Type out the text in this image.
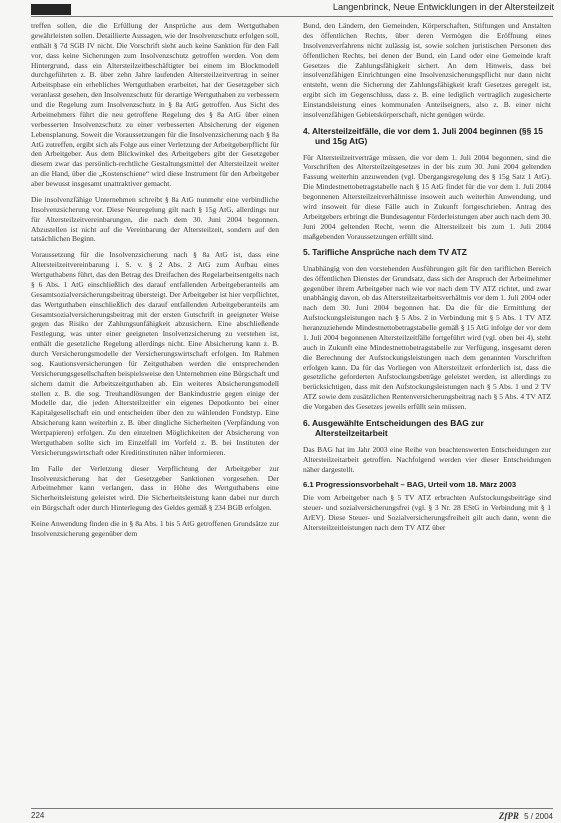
Langenbrinck, Neue Entwicklungen in der Altersteilzeit

treffen sollen, die die Erfüllung der Ansprüche aus dem Wertguthaben gewährleisten sollen. Detaillierte Aussagen, wie der Insolvenzschutz erfolgen soll, enthält § 7d SGB IV nicht. Die Vorschrift sieht auch keine Sanktion für den Fall vor, dass keine Sicherungen zum Insolvenzschutz getroffen werden. Von dem Hintergrund, dass ein Altersteilzeitbeschäftigter bei einem im Blockmodell durchgeführten z. B. über zehn Jahre laufenden Altersteilzeitvertrag in seiner Arbeitsphase ein erhebliches Wertguthaben erarbeitet, hat der Gesetzgeber sich veranlasst gesehen, den Insolvenzschutz für derartige Wertguthaben zu verbessern und die Regelung zum Insolvenzschutz in § 8a AtG getroffen. Aus Sicht des Arbeitnehmers führt die neu getroffene Regelung des § 8a AtG über einen verbesserten Insolvenzschutz zu einer verbesserten Absicherung der eigenen Lebensplanung. Soweit die Voraussetzungen für die Insolvenzsicherung nach § 8a AtG zutreffen, ergibt sich als Folge aus einer Verletzung der Arbeitgeberpflicht für den Arbeitgeber. Aus dem Blickwinkel des Arbeitgebers gibt der Gesetzgeber diesem zwar das persönlich-rechtliche Gestaltungsmittel der Altersteilzeit weiter an die Hand, über die „Kostenschiene“ wird diese Instrument für den Arbeitgeber aber bewusst insgesamt unattraktiver gemacht.

Die insolvenzfähige Unternehmen schreibt § 8a AtG nunmehr eine verbindliche Insolvenzsicherung vor. Diese Neuregelung gilt nach § 15g AtG, allerdings nur für Altersteilzeitvereinbarungen, die nach dem 30. Juni 2004 begonnen. Abzustellen ist nicht auf die Vereinbarung der Altersteilzeit, sondern auf den tatsächlichen Beginn.

Voraussetzung für die Insolvenzsicherung nach § 8a AtG ist, dass eine Altersteilzeitvereinbarung i. S. v. § 2 Abs. 2 AtG zum Aufbau eines Wertguthabens führt, das den Betrag des Dreifachen des Regelarbeitsentgelts nach § 6 Abs. 1 AtG einschließlich des darauf entfallenden Arbeitgeberanteils am Gesamtsozialversicherungsbeitrag übersteigt. Der Arbeitgeber ist hier verpflichtet, das Wertguthaben einschließlich des darauf entfallenden Arbeitgeberanteils am Gesamtsozialversicherungsbeitrag mit der ersten Gutschrift in geeigneter Weise gegen das Risiko der Zahlungsunfähigkeit abzusichern. Eine abschließende Festlegung, was unter einer geeigneten Insolvenzsicherung zu verstehen ist, enthält die gesetzliche Regelung allerdings nicht. Eine Absicherung kann z. B. durch Versicherungsmodelle der Versicherungswirtschaft erfolgen. Im Rahmen sog. Kautionsversicherungen für Zeitguthaben werden die entsprechenden Versicherungsgesellschaften beispielsweise den Unternehmen eine Bürgschaft und sichern damit die Arbeitszeitguthaben ab. Ein weiteres Absicherungsmodell stellen z. B. die sog. Treuhandlösungen der Bankindustrie gegen einige der Modelle dar, die jeden Altersteilzeitler ein eigenes Depotkonto bei einer Kapitalgesellschaft ein und entscheiden über den zu wählenden Fondstyp. Eine Absicherung kann weiterhin z. B. über dingliche Sicherheiten (Verpfändung von Wertpapieren) erfolgen. Zu den einzelnen Möglichkeiten der Absicherung von Wertguthaben sollte sich im Einzelfall im Vorfeld z. B. bei Instituten der Versicherungswirtschaft oder Kreditinstituten näher informieren.

Im Falle der Verletzung dieser Verpflichtung der Arbeitgeber zur Insolvenzsicherung hat der Gesetzgeber Sanktionen vorgesehen. Der Arbeitnehmer kann verlangen, dass in Höhe des Wertguthabens eine Sicherheitsleistung geleistet wird. Die Sicherheitsleistung kann dabei nur durch ein Bürgschaft oder durch Hinterlegung des Geldes gemäß § 234 BGB erfolgen.

Keine Anwendung finden die in § 8a Abs. 1 bis 5 AtG getroffenen Grundsätze zur Insolvenzsicherung gegenüber dem

Bund, den Ländern, den Gemeinden, Körperschaften, Stiftungen und Anstalten des öffentlichen Rechts, über deren Vermögen die Eröffnung eines Insolvenzverfahrens nicht zulässig ist, sowie solchen juristischen Personen des öffentlichen Rechts, bei denen der Bund, ein Land oder eine Gemeinde kraft Gesetzes die Zahlungsfähigkeit sichert. An dem Hinweis, dass bei insolvenzfähigen Einrichtungen eine Insolvenzsicherungspflicht nur dann nicht entsteht, wenn die Sicherung der Zahlungsfähigkeit kraft Gesetzes geregelt ist, ergibt sich im Gegenschluss, dass z. B. eine lediglich vertraglich zugesicherte Einstandsleistung eines kommunalen Anteilseigners, also z. B. einer nicht insolvenzfähigen Gebietskörperschaft, nicht genügen würde.

4. Altersteilzeitfälle, die vor dem 1. Juli 2004 beginnen (§§ 15 und 15g AtG)

Für Altersteilzeitverträge müssen, die vor dem 1. Juli 2004 begonnen, sind die Vorschriften des Altersteilzeitgesetzes in der bis zum 30. Juni 2004 geltenden Fassung weiterhin anzuwenden (vgl. Übergangsregelung des § 15g Satz 1 AtG). Die Mindestnettobetragstabelle nach § 15 AtG findet für die vor dem 1. Juli 2004 begonnenen Altersteilzeitverhältnisse insoweit auch weiterhin Anwendung, und wird insoweit für diese Fälle auch in Zukunft fortgeschrieben. Antrag des Arbeitgebers erbringt die Bundesagentur Förderleistungen aber auch nach dem 30. Juni 2004 geltenden Recht, wenn die Altersteilzeit bis zum 1. Juli 2004 maßgebenden Voraussetzungen erfüllt sind.

5. Tarifliche Ansprüche nach dem TV ATZ

Unabhängig von den vorstehenden Ausführungen gilt für den tariflichen Bereich des öffentlichen Dienstes der Grundsatz, dass sich der Anspruch der Arbeitnehmer gegenüber ihrem Arbeitgeber nach wie vor nach dem TV ATZ richtet, und zwar unabhängig davon, ob das Altersteilzeitarbeitsverhältnis vor dem 1. Juli 2004 oder nach dem 30. Juni 2004 begonnen hat. Da die für die Ermittlung der Aufstockungsleistungen nach § 5 Abs. 2 in Verbindung mit § 5 Abs. 1 TV ATZ heranzuziehende Mindestnettobetragstabelle gemäß § 15 AtG infolge der vor dem 1. Juli 2004 begonnenen Altersteilzeitfälle fortgeführt wird (vgl. oben bei 4), steht auch in Zukunft eine Mindestnettobetragstabelle zur Verfügung, insgesamt deren die Berechnung der Aufstockungsleistungen nach dem genannten Vorschriften erfolgen kann. Da für das Vorliegen von Altersteilzeit erforderlich ist, dass die gesetzliche geforderten Aufstockungsbeträge geleistet werden, ist allerdings zu berücksichtigen, dass mit den Aufstockungsleistungen nach § 5 Abs. 1 und 2 TV ATZ sowie dem zusätzlichen Rentenversicherungsbeitrag nach § 5 Abs. 4 TV ATZ die Vorgaben des Gesetzes jeweils erfüllt sein müssen.

6. Ausgewählte Entscheidungen des BAG zur Altersteilzeitarbeit

Das BAG hat im Jahr 2003 eine Reihe von beachtenswerten Entscheidungen zur Altersteilzeitarbeit getroffen. Nachfolgend werden vier dieser Entscheidungen näher dargestellt.

6.1 Progressionsvorbehalt – BAG, Urteil vom 18. März 2003

Die vom Arbeitgeber nach § 5 TV ATZ erbrachten Aufstockungsbeiträge sind steuer- und sozialversicherungsfrei (vgl. § 3 Nr. 28 EStG in Verbindung mit § 1 ArEV). Diese Steuer- und Sozialversicherungsfreiheit gilt auch dann, wenn die Altersteilzeitleistungen nach dem TV ATZ über

224	ZfPR 5 / 2004
